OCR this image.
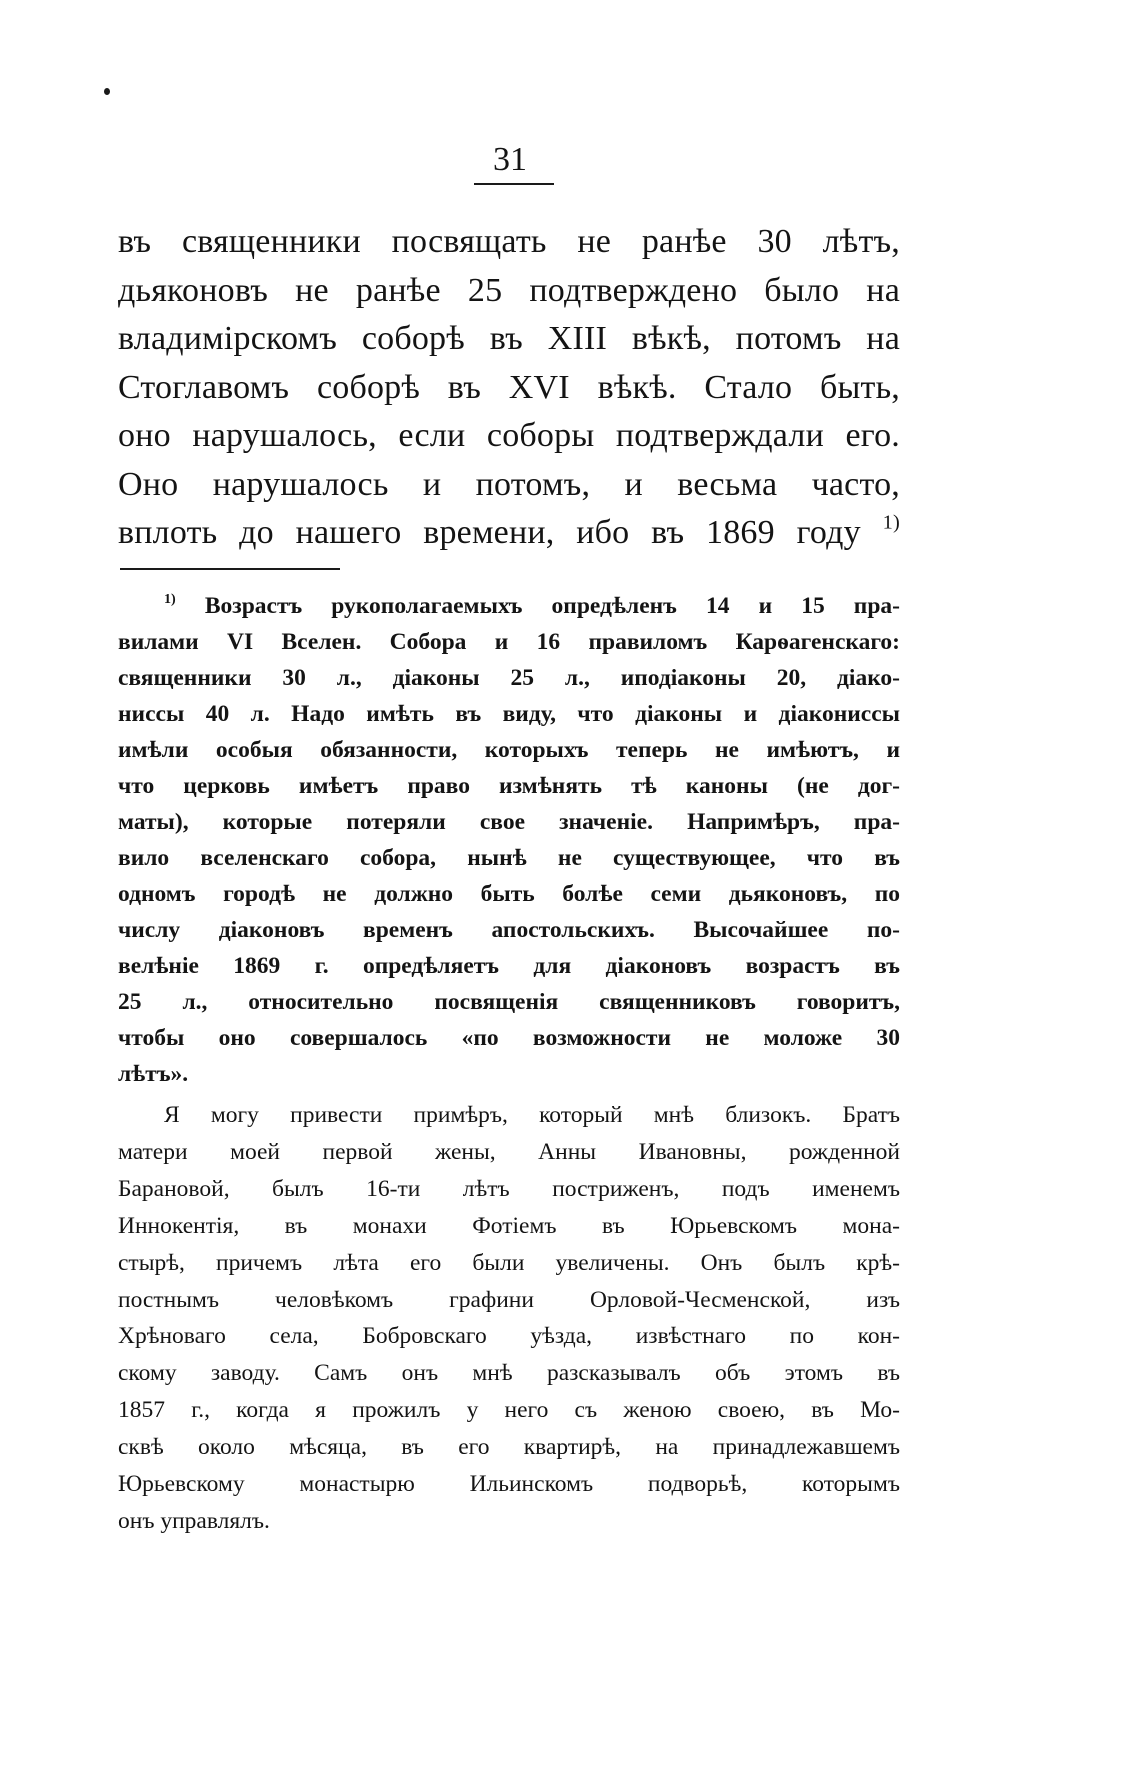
31
въ священники посвящать не ранѣе 30 лѣтъ,
дьяконовъ не ранѣе 25 подтверждено было на
владимірскомъ соборѣ въ XIII вѣкѣ, потомъ на
Стоглавомъ соборѣ въ XVI вѣкѣ. Стало быть,
оно нарушалось, если соборы подтверждали его.
Оно нарушалось и потомъ, и весьма часто,
вплоть до нашего времени, ибо въ 1869 году $^{1)}$
$^{1)}$ Возрастъ рукополагаемыхъ опредѣленъ 14 и 15 пра-
вилами VI Вселен. Собора и 16 правиломъ Карѳагенскаго:
священники 30 л., діаконы 25 л., иподіаконы 20, діако-
ниссы 40 л. Надо имѣть въ виду, что діаконы и діакониссы
имѣли особыя обязанности, которыхъ теперь не имѣютъ, и
что церковь имѣетъ право измѣнять тѣ каноны (не дог-
маты), которые потеряли свое значеніе. Напримѣръ, пра-
вило вселенскаго собора, нынѣ не существующее, что въ
одномъ городѣ не должно быть болѣе семи дьяконовъ, по
числу діаконовъ временъ апостольскихъ. Высочайшее по-
велѣніе 1869 г. опредѣляетъ для діаконовъ возрастъ въ
25 л., относительно посвященія священниковъ говоритъ,
чтобы оно совершалось «по возможности не моложе 30
лѣтъ».
Я могу привести примѣръ, который мнѣ близокъ. Братъ
матери моей первой жены, Анны Ивановны, рожденной
Барановой, былъ 16-ти лѣтъ постриженъ, подъ именемъ
Иннокентія, въ монахи Фотіемъ въ Юрьевскомъ мона-
стырѣ, причемъ лѣта его были увеличены. Онъ былъ крѣ-
постнымъ человѣкомъ графини Орловой-Чесменской, изъ
Хрѣноваго села, Бобровскаго уѣзда, извѣстнаго по кон-
скому заводу. Самъ онъ мнѣ разсказывалъ объ этомъ въ
1857 г., когда я прожилъ у него съ женою своею, въ Мо-
сквѣ около мѣсяца, въ его квартирѣ, на принадлежавшемъ
Юрьевскому монастырю Ильинскомъ подворьѣ, которымъ
онъ управлялъ.
